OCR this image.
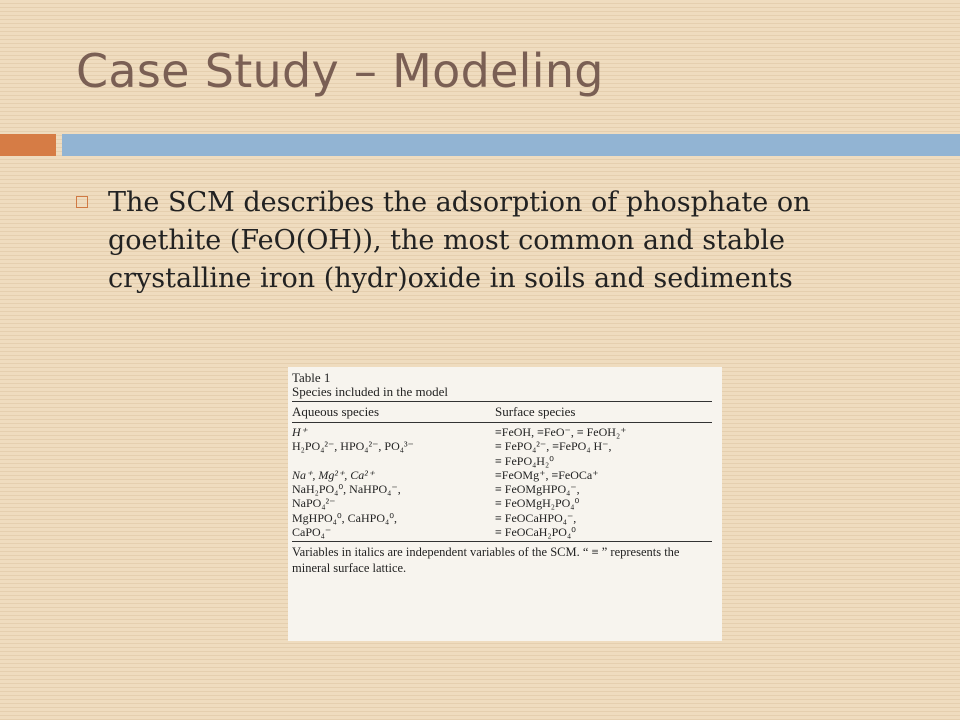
Case Study – Modeling
The SCM describes the adsorption of phosphate on goethite (FeO(OH)), the most common and stable crystalline iron (hydr)oxide in soils and sediments
Table 1
Species included in the model
Aqueous species	Surface species
H⁺
H₂PO₄²⁻, HPO₄²⁻, PO₄³⁻

Na⁺, Mg²⁺, Ca²⁺
NaH₂PO₄⁰, NaHPO₄⁻,
NaPO₄²⁻
MgHPO₄⁰, CaHPO₄⁰,
CaPO₄⁻
≡FeOH, ≡FeO⁻, ≡ FeOH₂⁺
≡ FePO₄²⁻, ≡FePO₄ H⁻,
≡ FePO₄H₂⁰
≡FeOMg⁺, ≡FeOCa⁺
≡ FeOMgHPO₄⁻,
≡ FeOMgH₂PO₄⁰
≡ FeOCaHPO₄⁻,
≡ FeOCaH₂PO₄⁰
Variables in italics are independent variables of the SCM. “ ≡ ” represents the mineral surface lattice.
